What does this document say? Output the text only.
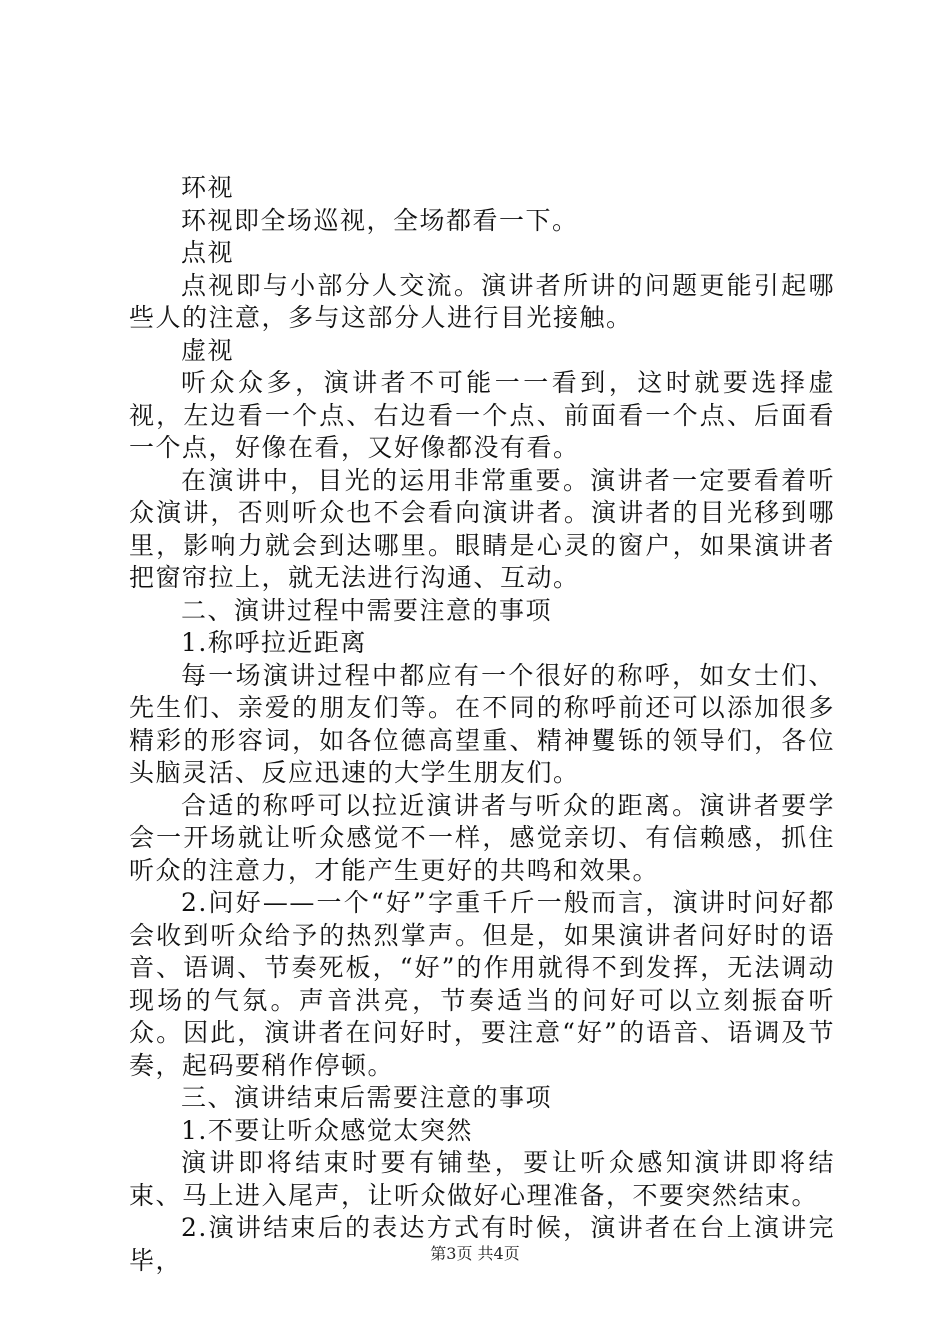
环视

环视即全场巡视，全场都看一下。

点视

点视即与小部分人交流。演讲者所讲的问题更能引起哪些人的注意，多与这部分人进行目光接触。

虚视

听众众多，演讲者不可能一一看到，这时就要选择虚视，左边看一个点、右边看一个点、前面看一个点、后面看一个点，好像在看，又好像都没有看。

在演讲中，目光的运用非常重要。演讲者一定要看着听众演讲，否则听众也不会看向演讲者。演讲者的目光移到哪里，影响力就会到达哪里。眼睛是心灵的窗户，如果演讲者把窗帘拉上，就无法进行沟通、互动。

二、演讲过程中需要注意的事项

1.称呼拉近距离

每一场演讲过程中都应有一个很好的称呼，如女士们、先生们、亲爱的朋友们等。在不同的称呼前还可以添加很多精彩的形容词，如各位德高望重、精神矍铄的领导们，各位头脑灵活、反应迅速的大学生朋友们。

合适的称呼可以拉近演讲者与听众的距离。演讲者要学会一开场就让听众感觉不一样，感觉亲切、有信赖感，抓住听众的注意力，才能产生更好的共鸣和效果。

2.问好——一个“好”字重千斤一般而言，演讲时问好都会收到听众给予的热烈掌声。但是，如果演讲者问好时的语音、语调、节奏死板，“好”的作用就得不到发挥，无法调动现场的气氛。声音洪亮，节奏适当的问好可以立刻振奋听众。因此，演讲者在问好时，要注意“好”的语音、语调及节奏，起码要稍作停顿。

三、演讲结束后需要注意的事项

1.不要让听众感觉太突然

演讲即将结束时要有铺垫，要让听众感知演讲即将结束、马上进入尾声，让听众做好心理准备，不要突然结束。

2.演讲结束后的表达方式有时候，演讲者在台上演讲完毕，	第3页 共4页
